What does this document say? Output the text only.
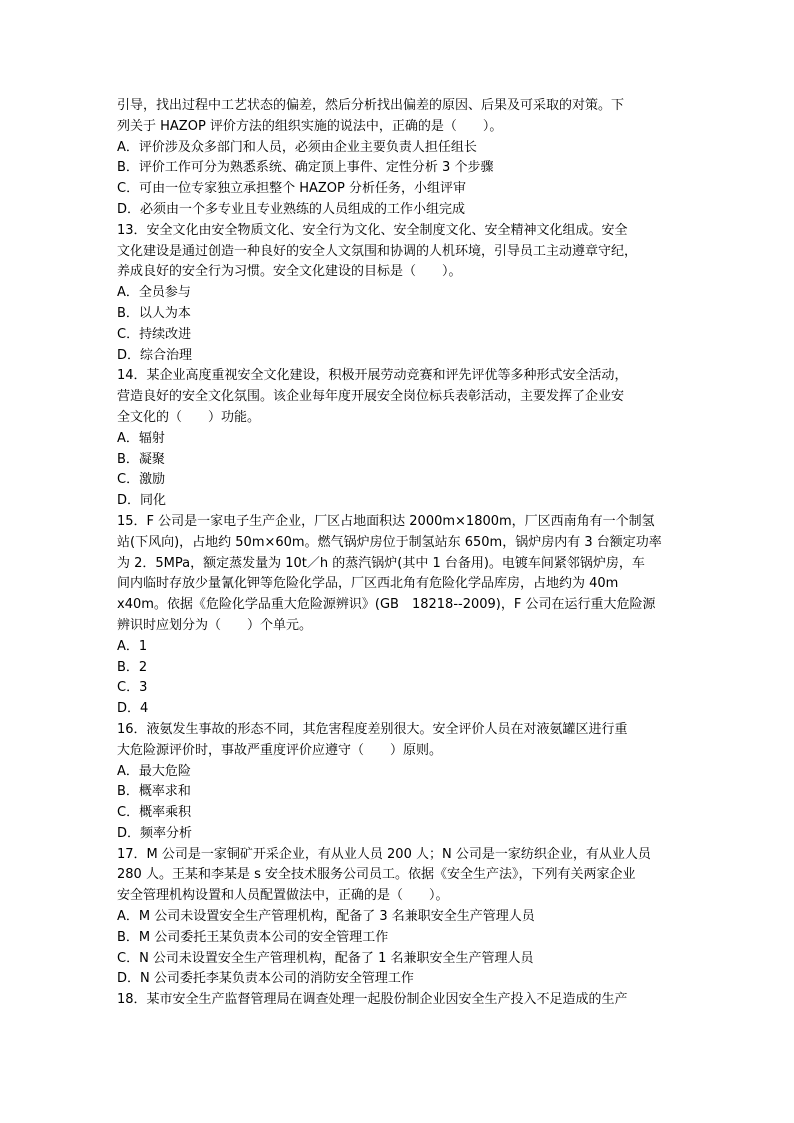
引导，找出过程中工艺状态的偏差，然后分析找出偏差的原因、后果及可采取的对策。下
列关于 HAZOP 评价方法的组织实施的说法中，正确的是（　　）。
A．评价涉及众多部门和人员，必须由企业主要负责人担任组长
B．评价工作可分为熟悉系统、确定顶上事件、定性分析 3 个步骤
C．可由一位专家独立承担整个 HAZOP 分析任务，小组评审
D．必须由一个多专业且专业熟练的人员组成的工作小组完成
13．安全文化由安全物质文化、安全行为文化、安全制度文化、安全精神文化组成。安全
文化建设是通过创造一种良好的安全人文氛围和协调的人机环境，引导员工主动遵章守纪，
养成良好的安全行为习惯。安全文化建设的目标是（　　）。
A．全员参与
B．以人为本
C．持续改进
D．综合治理
14．某企业高度重视安全文化建设，积极开展劳动竞赛和评先评优等多种形式安全活动，
营造良好的安全文化氛围。该企业每年度开展安全岗位标兵表彰活动，主要发挥了企业安
全文化的（　　）功能。
A．辐射
B．凝聚
C．激励
D．同化
15．F 公司是一家电子生产企业，厂区占地面积达 2000m×1800m，厂区西南角有一个制氢
站(下风向)，占地约 50m×60m。燃气锅炉房位于制氢站东 650m，锅炉房内有 3 台额定功率
为 2．5MPa，额定蒸发量为 10t／h 的蒸汽锅炉(其中 1 台备用)。电镀车间紧邻锅炉房，车
间内临时存放少量氰化钾等危险化学品，厂区西北角有危险化学品库房，占地约为 40m
x40m。依据《危险化学品重大危险源辨识》(GB　18218--2009)，F 公司在运行重大危险源
辨识时应划分为（　　）个单元。
A．1
B．2
C．3
D．4
16．液氨发生事故的形态不同，其危害程度差别很大。安全评价人员在对液氨罐区进行重
大危险源评价时，事故严重度评价应遵守（　　）原则。
A．最大危险
B．概率求和
C．概率乘积
D．频率分析
17．M 公司是一家铜矿开采企业，有从业人员 200 人；N 公司是一家纺织企业，有从业人员
280 人。王某和李某是 s 安全技术服务公司员工。依据《安全生产法》，下列有关两家企业
安全管理机构设置和人员配置做法中，正确的是（　　）。
A．M 公司未设置安全生产管理机构，配备了 3 名兼职安全生产管理人员
B．M 公司委托王某负责本公司的安全管理工作
C．N 公司未设置安全生产管理机构，配备了 1 名兼职安全生产管理人员
D．N 公司委托李某负责本公司的消防安全管理工作
18．某市安全生产监督管理局在调查处理一起股份制企业因安全生产投入不足造成的生产
